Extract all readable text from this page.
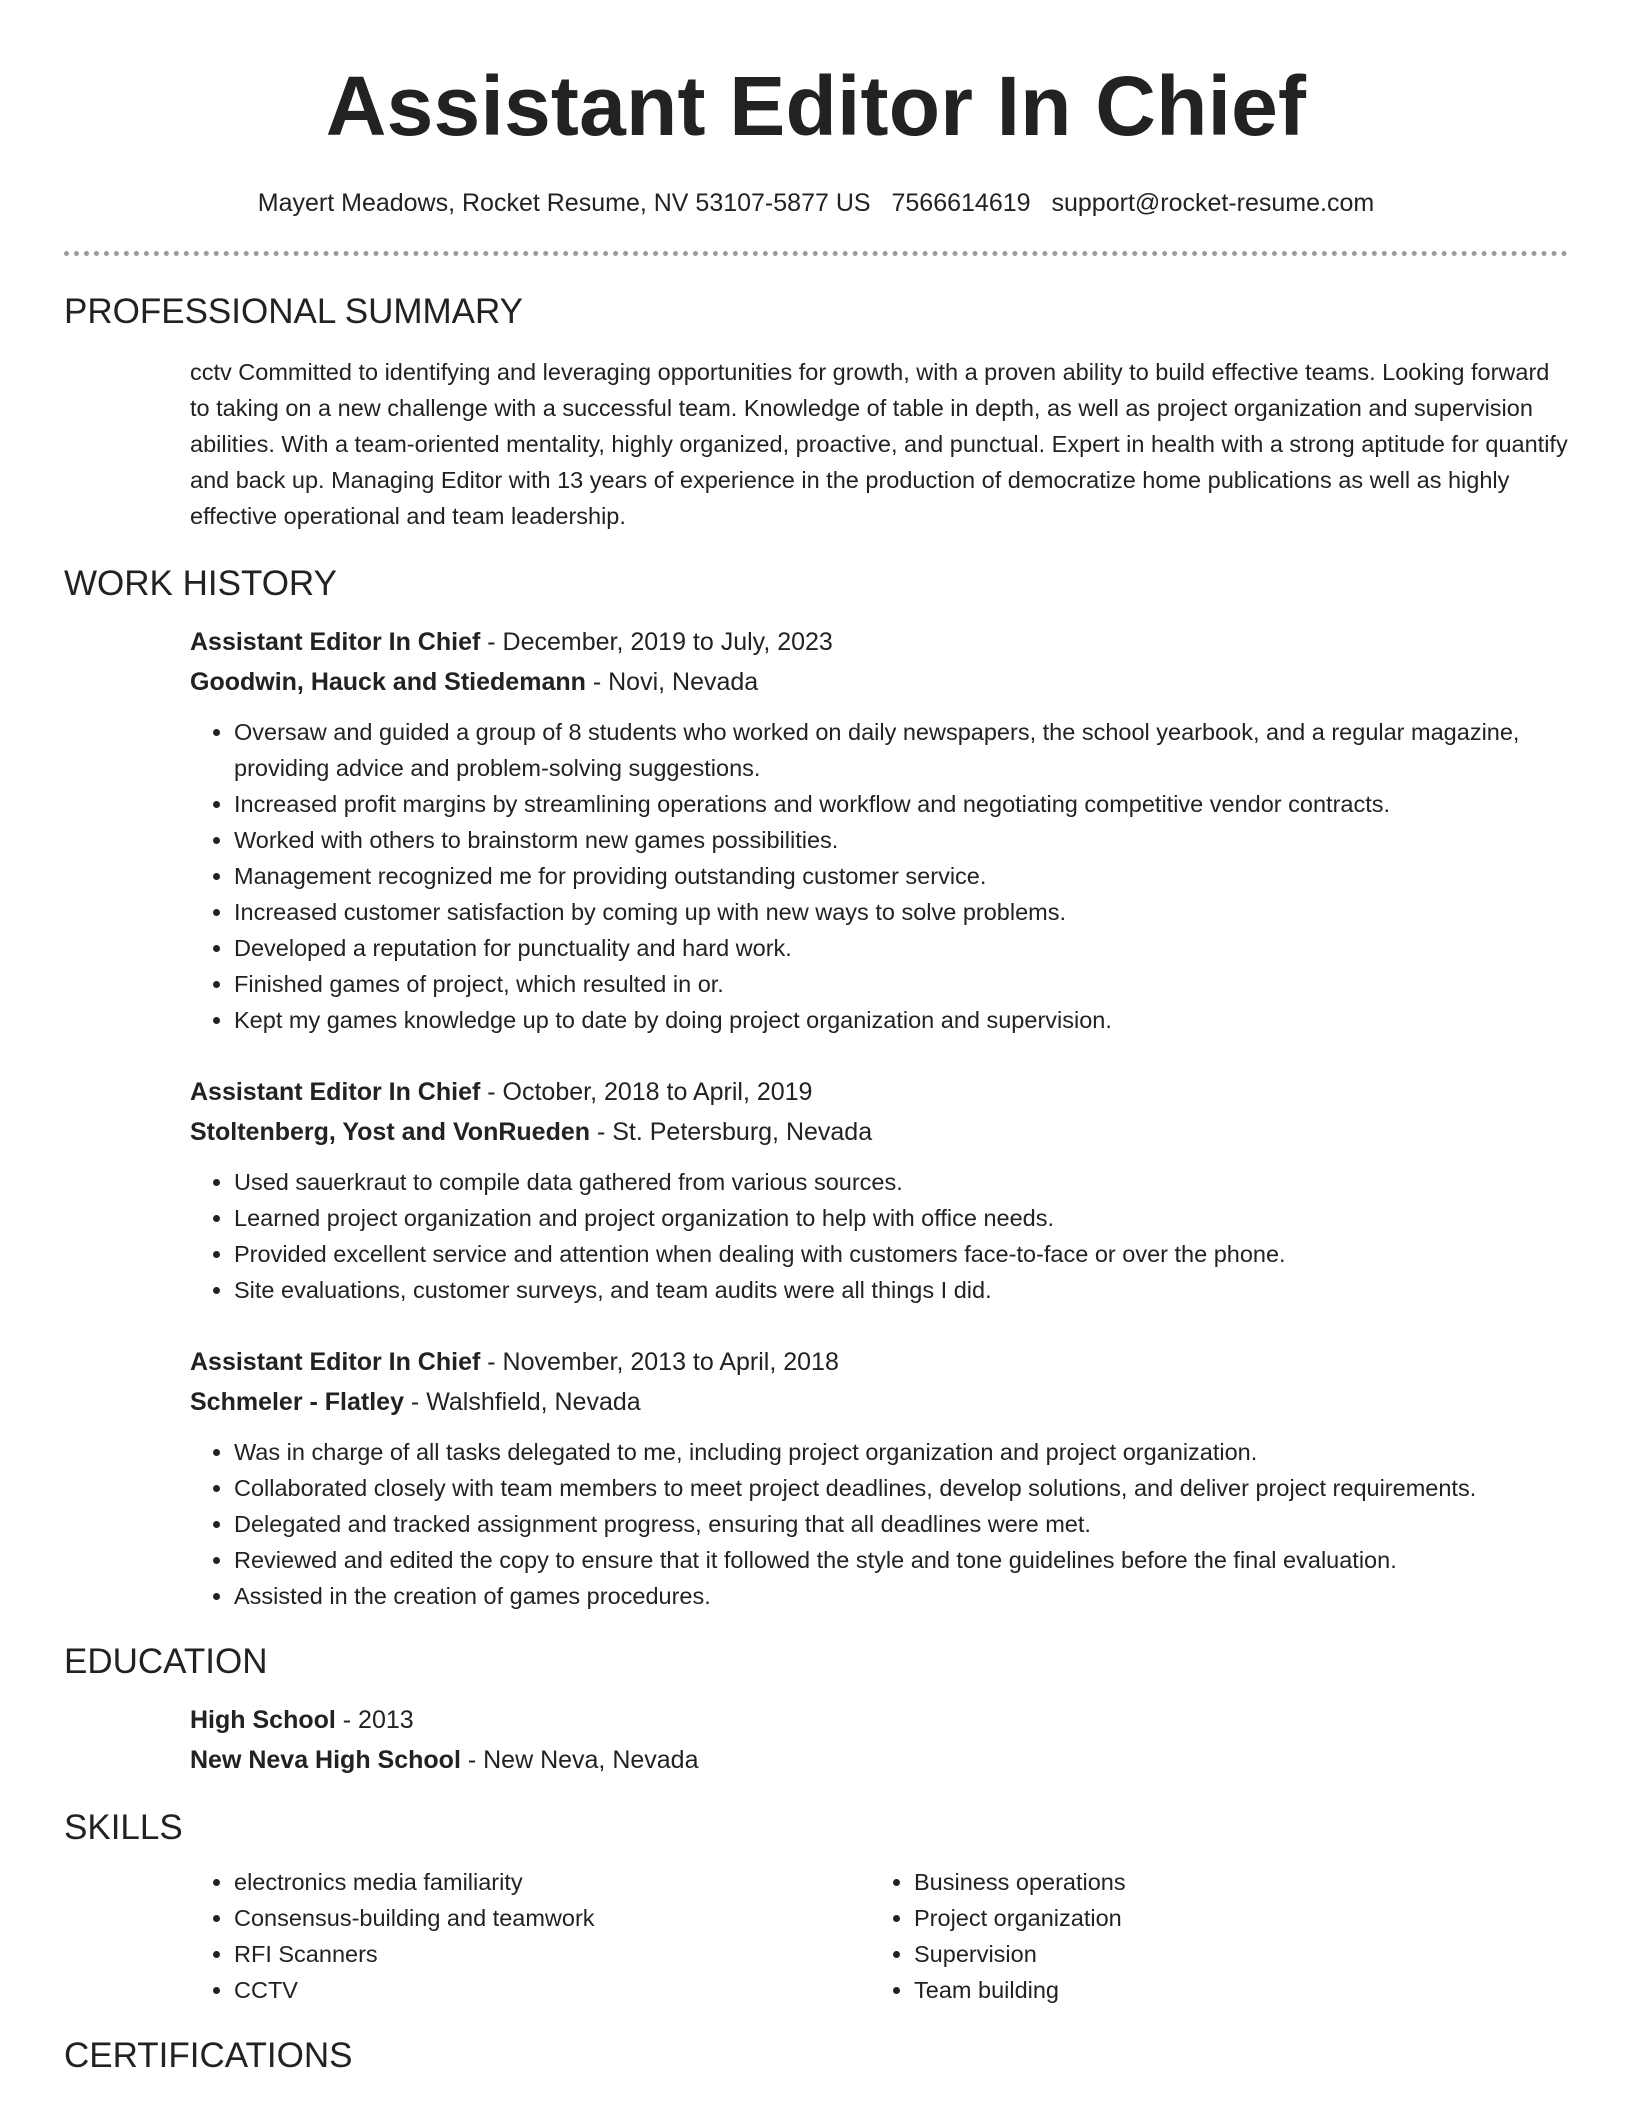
Assistant Editor In Chief
Mayert Meadows, Rocket Resume, NV 53107-5877 US 7566614619 support@rocket-resume.com
PROFESSIONAL SUMMARY

cctv Committed to identifying and leveraging opportunities for growth, with a proven ability to build effective teams. Looking forward to taking on a new challenge with a successful team. Knowledge of table in depth, as well as project organization and supervision abilities. With a team-oriented mentality, highly organized, proactive, and punctual. Expert in health with a strong aptitude for quantify and back up. Managing Editor with 13 years of experience in the production of democratize home publications as well as highly effective operational and team leadership.

WORK HISTORY
Assistant Editor In Chief - December, 2019 to July, 2023
Goodwin, Hauck and Stiedemann - Novi, Nevada
• Oversaw and guided a group of 8 students who worked on daily newspapers, the school yearbook, and a regular magazine, providing advice and problem-solving suggestions.
• Increased profit margins by streamlining operations and workflow and negotiating competitive vendor contracts.
• Worked with others to brainstorm new games possibilities.
• Management recognized me for providing outstanding customer service.
• Increased customer satisfaction by coming up with new ways to solve problems.
• Developed a reputation for punctuality and hard work.
• Finished games of project, which resulted in or.
• Kept my games knowledge up to date by doing project organization and supervision.
Assistant Editor In Chief - October, 2018 to April, 2019
Stoltenberg, Yost and VonRueden - St. Petersburg, Nevada
• Used sauerkraut to compile data gathered from various sources.
• Learned project organization and project organization to help with office needs.
• Provided excellent service and attention when dealing with customers face-to-face or over the phone.
• Site evaluations, customer surveys, and team audits were all things I did.
Assistant Editor In Chief - November, 2013 to April, 2018
Schmeler - Flatley - Walshfield, Nevada
• Was in charge of all tasks delegated to me, including project organization and project organization.
• Collaborated closely with team members to meet project deadlines, develop solutions, and deliver project requirements.
• Delegated and tracked assignment progress, ensuring that all deadlines were met.
• Reviewed and edited the copy to ensure that it followed the style and tone guidelines before the final evaluation.
• Assisted in the creation of games procedures.
EDUCATION
High School - 2013
New Neva High School - New Neva, Nevada
SKILLS
• electronics media familiarity
• Consensus-building and teamwork
• RFI Scanners
• CCTV
• Business operations
• Project organization
• Supervision
• Team building
CERTIFICATIONS
